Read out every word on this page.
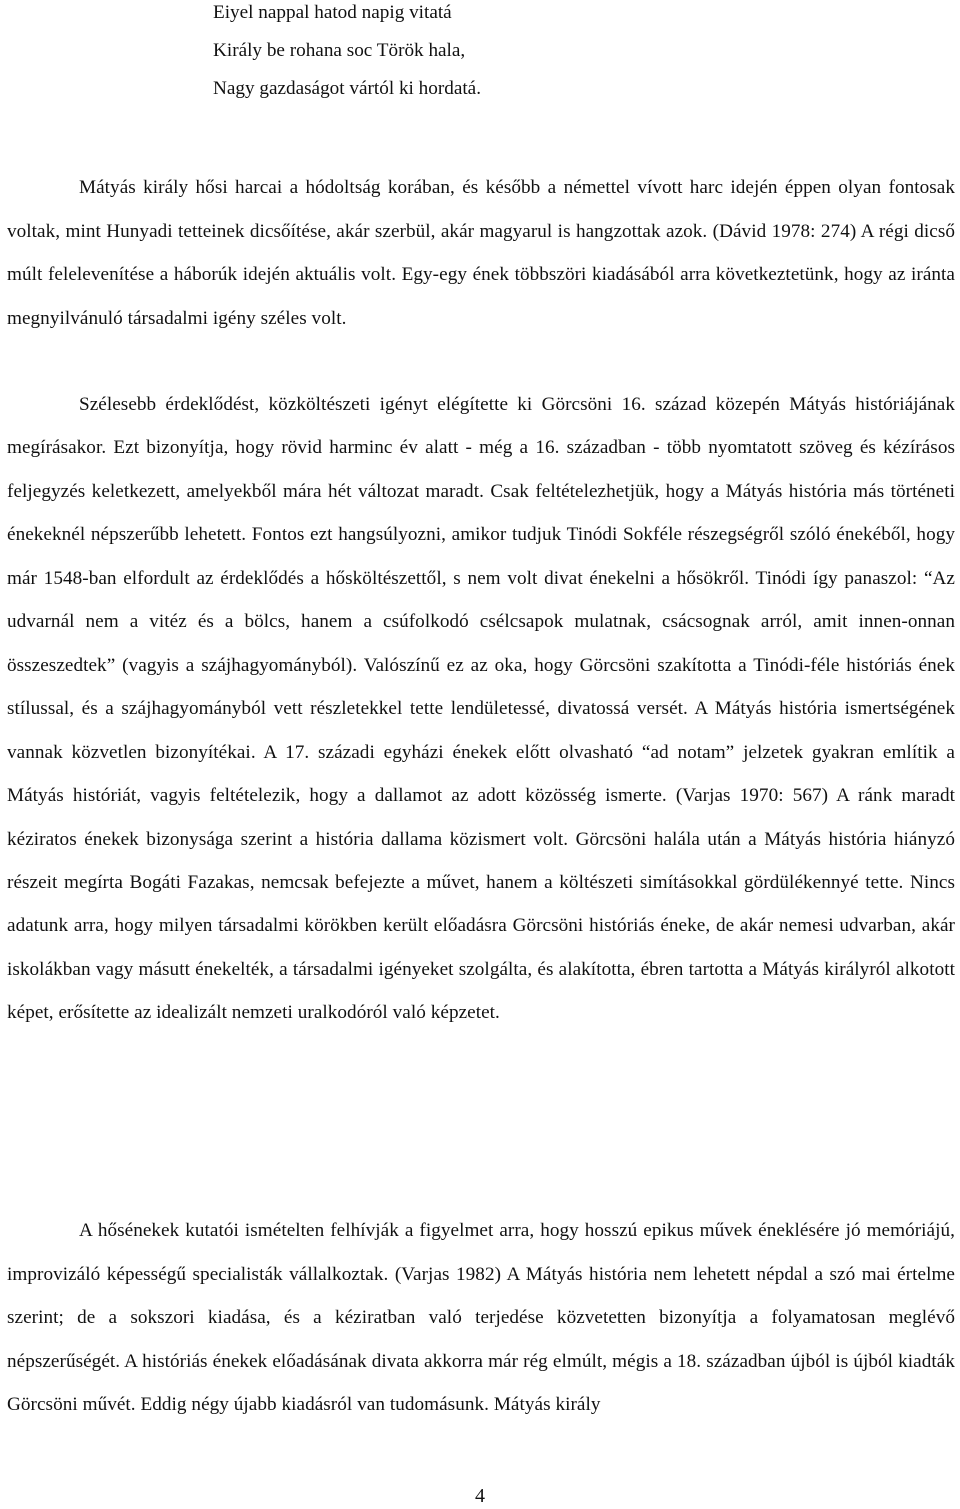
Eiyel nappal hatod napig vitatá
Király be rohana soc Török hala,
Nagy gazdaságot vártól ki hordatá.

Mátyás király hősi harcai a hódoltság korában, és később a némettel vívott harc idején éppen olyan fontosak voltak, mint Hunyadi tetteinek dicsőítése, akár szerbül, akár magyarul is hangzottak azok. (Dávid 1978: 274) A régi dicső múlt felelevenítése a háborúk idején aktuális volt. Egy-egy ének többszöri kiadásából arra következtetünk, hogy az iránta megnyilvánuló társadalmi igény széles volt.

Szélesebb érdeklődést, közköltészeti igényt elégítette ki Görcsöni 16. század közepén Mátyás históriájának megírásakor. Ezt bizonyítja, hogy rövid harminc év alatt - még a 16. században - több nyomtatott szöveg és kézírásos feljegyzés keletkezett, amelyekből mára hét változat maradt. Csak feltételezhetjük, hogy a Mátyás história más történeti énekeknél népszerűbb lehetett. Fontos ezt hangsúlyozni, amikor tudjuk Tinódi Sokféle részegségről szóló énekéből, hogy már 1548-ban elfordult az érdeklődés a hősköltészettől, s nem volt divat énekelni a hősökről. Tinódi így panaszol: “Az udvarnál nem a vitéz és a bölcs, hanem a csúfolkodó csélcsapok mulatnak, csácsognak arról, amit innen-onnan összeszedtek” (vagyis a szájhagyományból). Valószínű ez az oka, hogy Görcsöni szakította a Tinódi-féle históriás ének stílussal, és a szájhagyományból vett részletekkel tette lendületessé, divatossá versét. A Mátyás história ismertségének vannak közvetlen bizonyítékai. A 17. századi egyházi énekek előtt olvasható “ad notam” jelzetek gyakran említik a Mátyás históriát, vagyis feltételezik, hogy a dallamot az adott közösség ismerte. (Varjas 1970: 567) A ránk maradt kéziratos énekek bizonysága szerint a história dallama közismert volt. Görcsöni halála után a Mátyás história hiányzó részeit megírta Bogáti Fazakas, nemcsak befejezte a művet, hanem a költészeti simításokkal gördülékennyé tette. Nincs adatunk arra, hogy milyen társadalmi körökben került előadásra Görcsöni históriás éneke, de akár nemesi udvarban, akár iskolákban vagy másutt énekelték, a társadalmi igényeket szolgálta, és alakította, ébren tartotta a Mátyás királyról alkotott képet, erősítette az idealizált nemzeti uralkodóról való képzetet.

A hősénekek kutatói ismételten felhívják a figyelmet arra, hogy hosszú epikus művek éneklésére jó memóriájú, improvizáló képességű specialisták vállalkoztak. (Varjas 1982) A Mátyás história nem lehetett népdal a szó mai értelme szerint; de a sokszori kiadása, és a kéziratban való terjedése közvetetten bizonyítja a folyamatosan meglévő népszerűségét. A históriás énekek előadásának divata akkorra már rég elmúlt, mégis a 18. században újból is újból kiadták Görcsöni művét. Eddig négy újabb kiadásról van tudomásunk. Mátyás király

4
